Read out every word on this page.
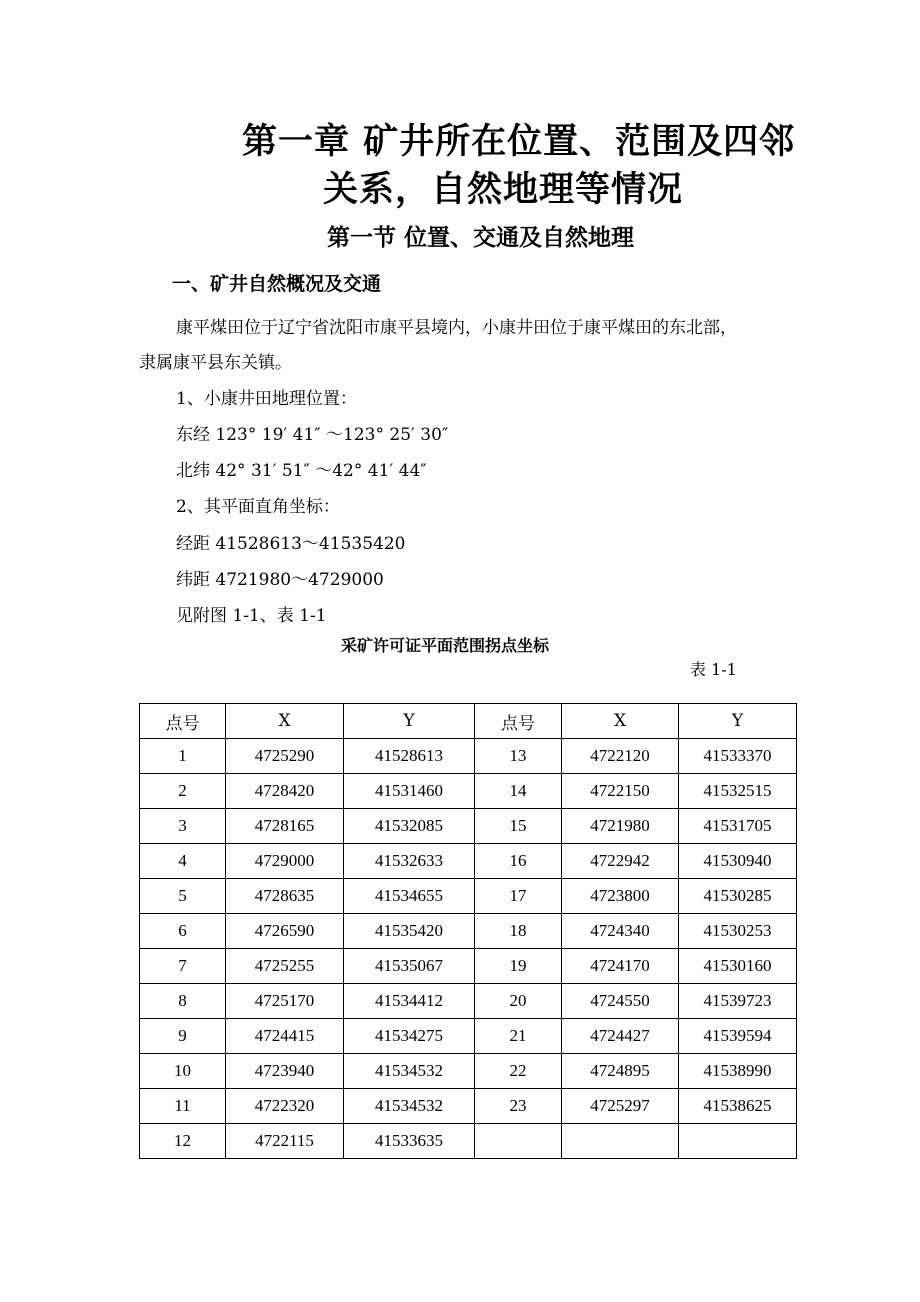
第一章 矿井所在位置、范围及四邻
关系，自然地理等情况
第一节 位置、交通及自然地理
一、矿井自然概况及交通
康平煤田位于辽宁省沈阳市康平县境内，小康井田位于康平煤田的东北部，
隶属康平县东关镇。
1、小康井田地理位置：
东经 123° 19′ 41″ ～123° 25′ 30″
北纬 42° 31′ 51″ ～42° 41′ 44″
2、其平面直角坐标：
经距 41528613～41535420
纬距 4721980～4729000
见附图 1-1、表 1-1
采矿许可证平面范围拐点坐标
表 1-1
点号	X	Y	点号	X	Y
1	4725290	41528613	13	4722120	41533370
2	4728420	41531460	14	4722150	41532515
3	4728165	41532085	15	4721980	41531705
4	4729000	41532633	16	4722942	41530940
5	4728635	41534655	17	4723800	41530285
6	4726590	41535420	18	4724340	41530253
7	4725255	41535067	19	4724170	41530160
8	4725170	41534412	20	4724550	41539723
9	4724415	41534275	21	4724427	41539594
10	4723940	41534532	22	4724895	41538990
11	4722320	41534532	23	4725297	41538625
12	4722115	41533635			
